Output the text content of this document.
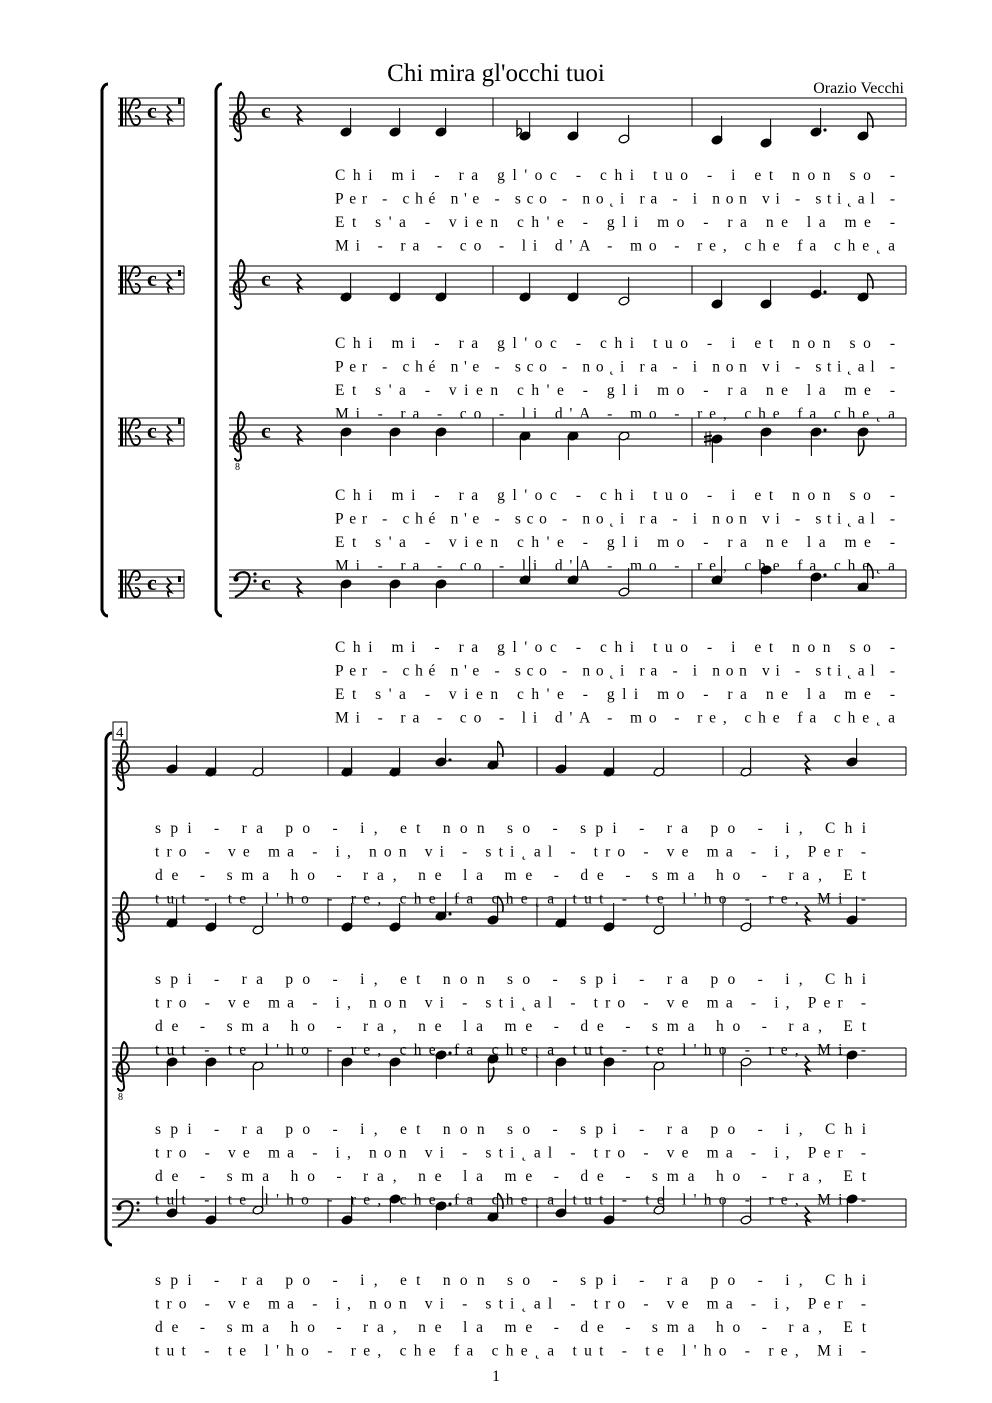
Chi mira gl'occhi tuoi
Orazio Vecchi
c	c
c	c
c
8
c
c	c
Chi mi - ra gl'oc - chi tuo - i et non so -
Per - ché n'e - sco - no˛i ra - i non vi - sti˛al -
Et s'a - vien ch'e - gli mo - ra ne la me -
Mi - ra - co - li d'A - mo - re, che fa che˛a
Chi mi - ra gl'oc - chi tuo - i et non so -
Per - ché n'e - sco - no˛i ra - i non vi - sti˛al -
Et s'a - vien ch'e - gli mo - ra ne la me -
Mi - ra - co - li d'A - mo - re, che fa che˛a
Chi mi - ra gl'oc - chi tuo - i et non so -
Per - ché n'e - sco - no˛i ra - i non vi - sti˛al -
Et s'a - vien ch'e - gli mo - ra ne la me -
Mi - ra - co - li d'A - mo - re, che fa che˛a
Chi mi - ra gl'oc - chi tuo - i et non so -
Per - ché n'e - sco - no˛i ra - i non vi - sti˛al -
Et s'a - vien ch'e - gli mo - ra ne la me -
Mi - ra - co - li d'A - mo - re, che fa che˛a
4
8
spi - ra po - i, et non so - spi - ra po - i, Chi
tro - ve ma - i, non vi - sti˛al - tro - ve ma - i, Per -
de - sma ho - ra, ne la me - de - sma ho - ra, Et
tut - te l'ho - re, che fa che˛a tut - te l'ho - re, Mi -
spi - ra po - i, et non so - spi - ra po - i, Chi
tro - ve ma - i, non vi - sti˛al - tro - ve ma - i, Per -
de - sma ho - ra, ne la me - de - sma ho - ra, Et
tut - te l'ho - re, che fa che˛a tut - te l'ho - re, Mi -
spi - ra po - i, et non so - spi - ra po - i, Chi
tro - ve ma - i, non vi - sti˛al - tro - ve ma - i, Per -
de - sma ho - ra, ne la me - de - sma ho - ra, Et
tut - te l'ho - re, che fa che˛a tut - te l'ho - re, Mi -
spi - ra po - i, et non so - spi - ra po - i, Chi
tro - ve ma - i, non vi - sti˛al - tro - ve ma - i, Per -
de - sma ho - ra, ne la me - de - sma ho - ra, Et
tut - te l'ho - re, che fa che˛a tut - te l'ho - re, Mi -
1
